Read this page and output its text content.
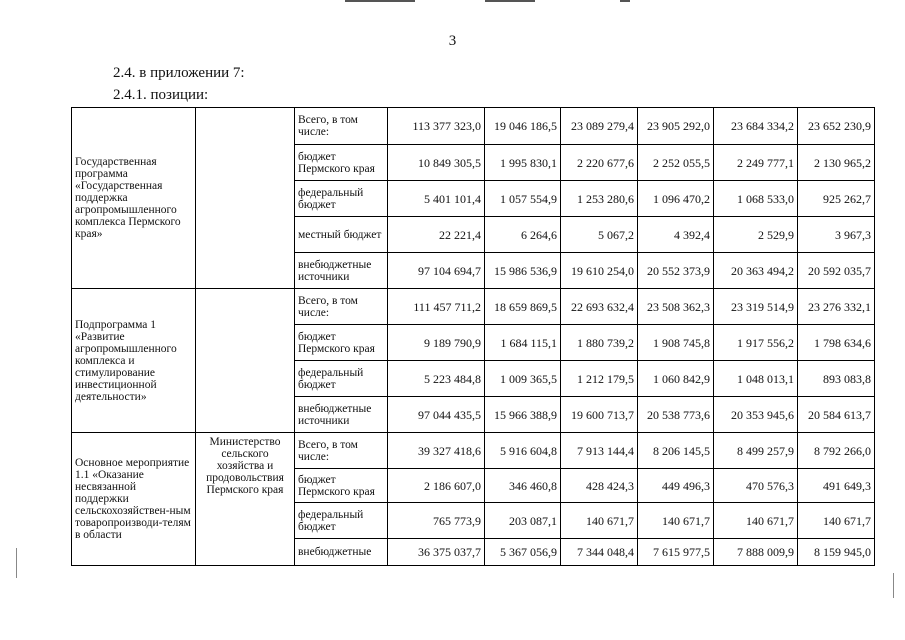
3
2.4. в приложении 7:
2.4.1. позиции:
Государственная программа «Государственная поддержка агропромышленного комплекса Пермского края»		Всего, в том числе:	113 377 323,0	19 046 186,5	23 089 279,4	23 905 292,0	23 684 334,2	23 652 230,9
		бюджет Пермского края	10 849 305,5	1 995 830,1	2 220 677,6	2 252 055,5	2 249 777,1	2 130 965,2
		федеральный бюджет	5 401 101,4	1 057 554,9	1 253 280,6	1 096 470,2	1 068 533,0	925 262,7
		местный бюджет	22 221,4	6 264,6	5 067,2	4 392,4	2 529,9	3 967,3
		внебюджетные источники	97 104 694,7	15 986 536,9	19 610 254,0	20 552 373,9	20 363 494,2	20 592 035,7
Подпрограмма 1 «Развитие агропромышленного комплекса и стимулирование инвестиционной деятельности»		Всего, в том числе:	111 457 711,2	18 659 869,5	22 693 632,4	23 508 362,3	23 319 514,9	23 276 332,1
		бюджет Пермского края	9 189 790,9	1 684 115,1	1 880 739,2	1 908 745,8	1 917 556,2	1 798 634,6
		федеральный бюджет	5 223 484,8	1 009 365,5	1 212 179,5	1 060 842,9	1 048 013,1	893 083,8
		внебюджетные источники	97 044 435,5	15 966 388,9	19 600 713,7	20 538 773,6	20 353 945,6	20 584 613,7
Основное мероприятие 1.1 «Оказание несвязанной поддержки сельскохозяйствен-ным товаропроизводи-телям в области	Министерство сельского хозяйства и продовольствия Пермского края	Всего, в том числе:	39 327 418,6	5 916 604,8	7 913 144,4	8 206 145,5	8 499 257,9	8 792 266,0
		бюджет Пермского края	2 186 607,0	346 460,8	428 424,3	449 496,3	470 576,3	491 649,3
		федеральный бюджет	765 773,9	203 087,1	140 671,7	140 671,7	140 671,7	140 671,7
		внебюджетные	36 375 037,7	5 367 056,9	7 344 048,4	7 615 977,5	7 888 009,9	8 159 945,0
